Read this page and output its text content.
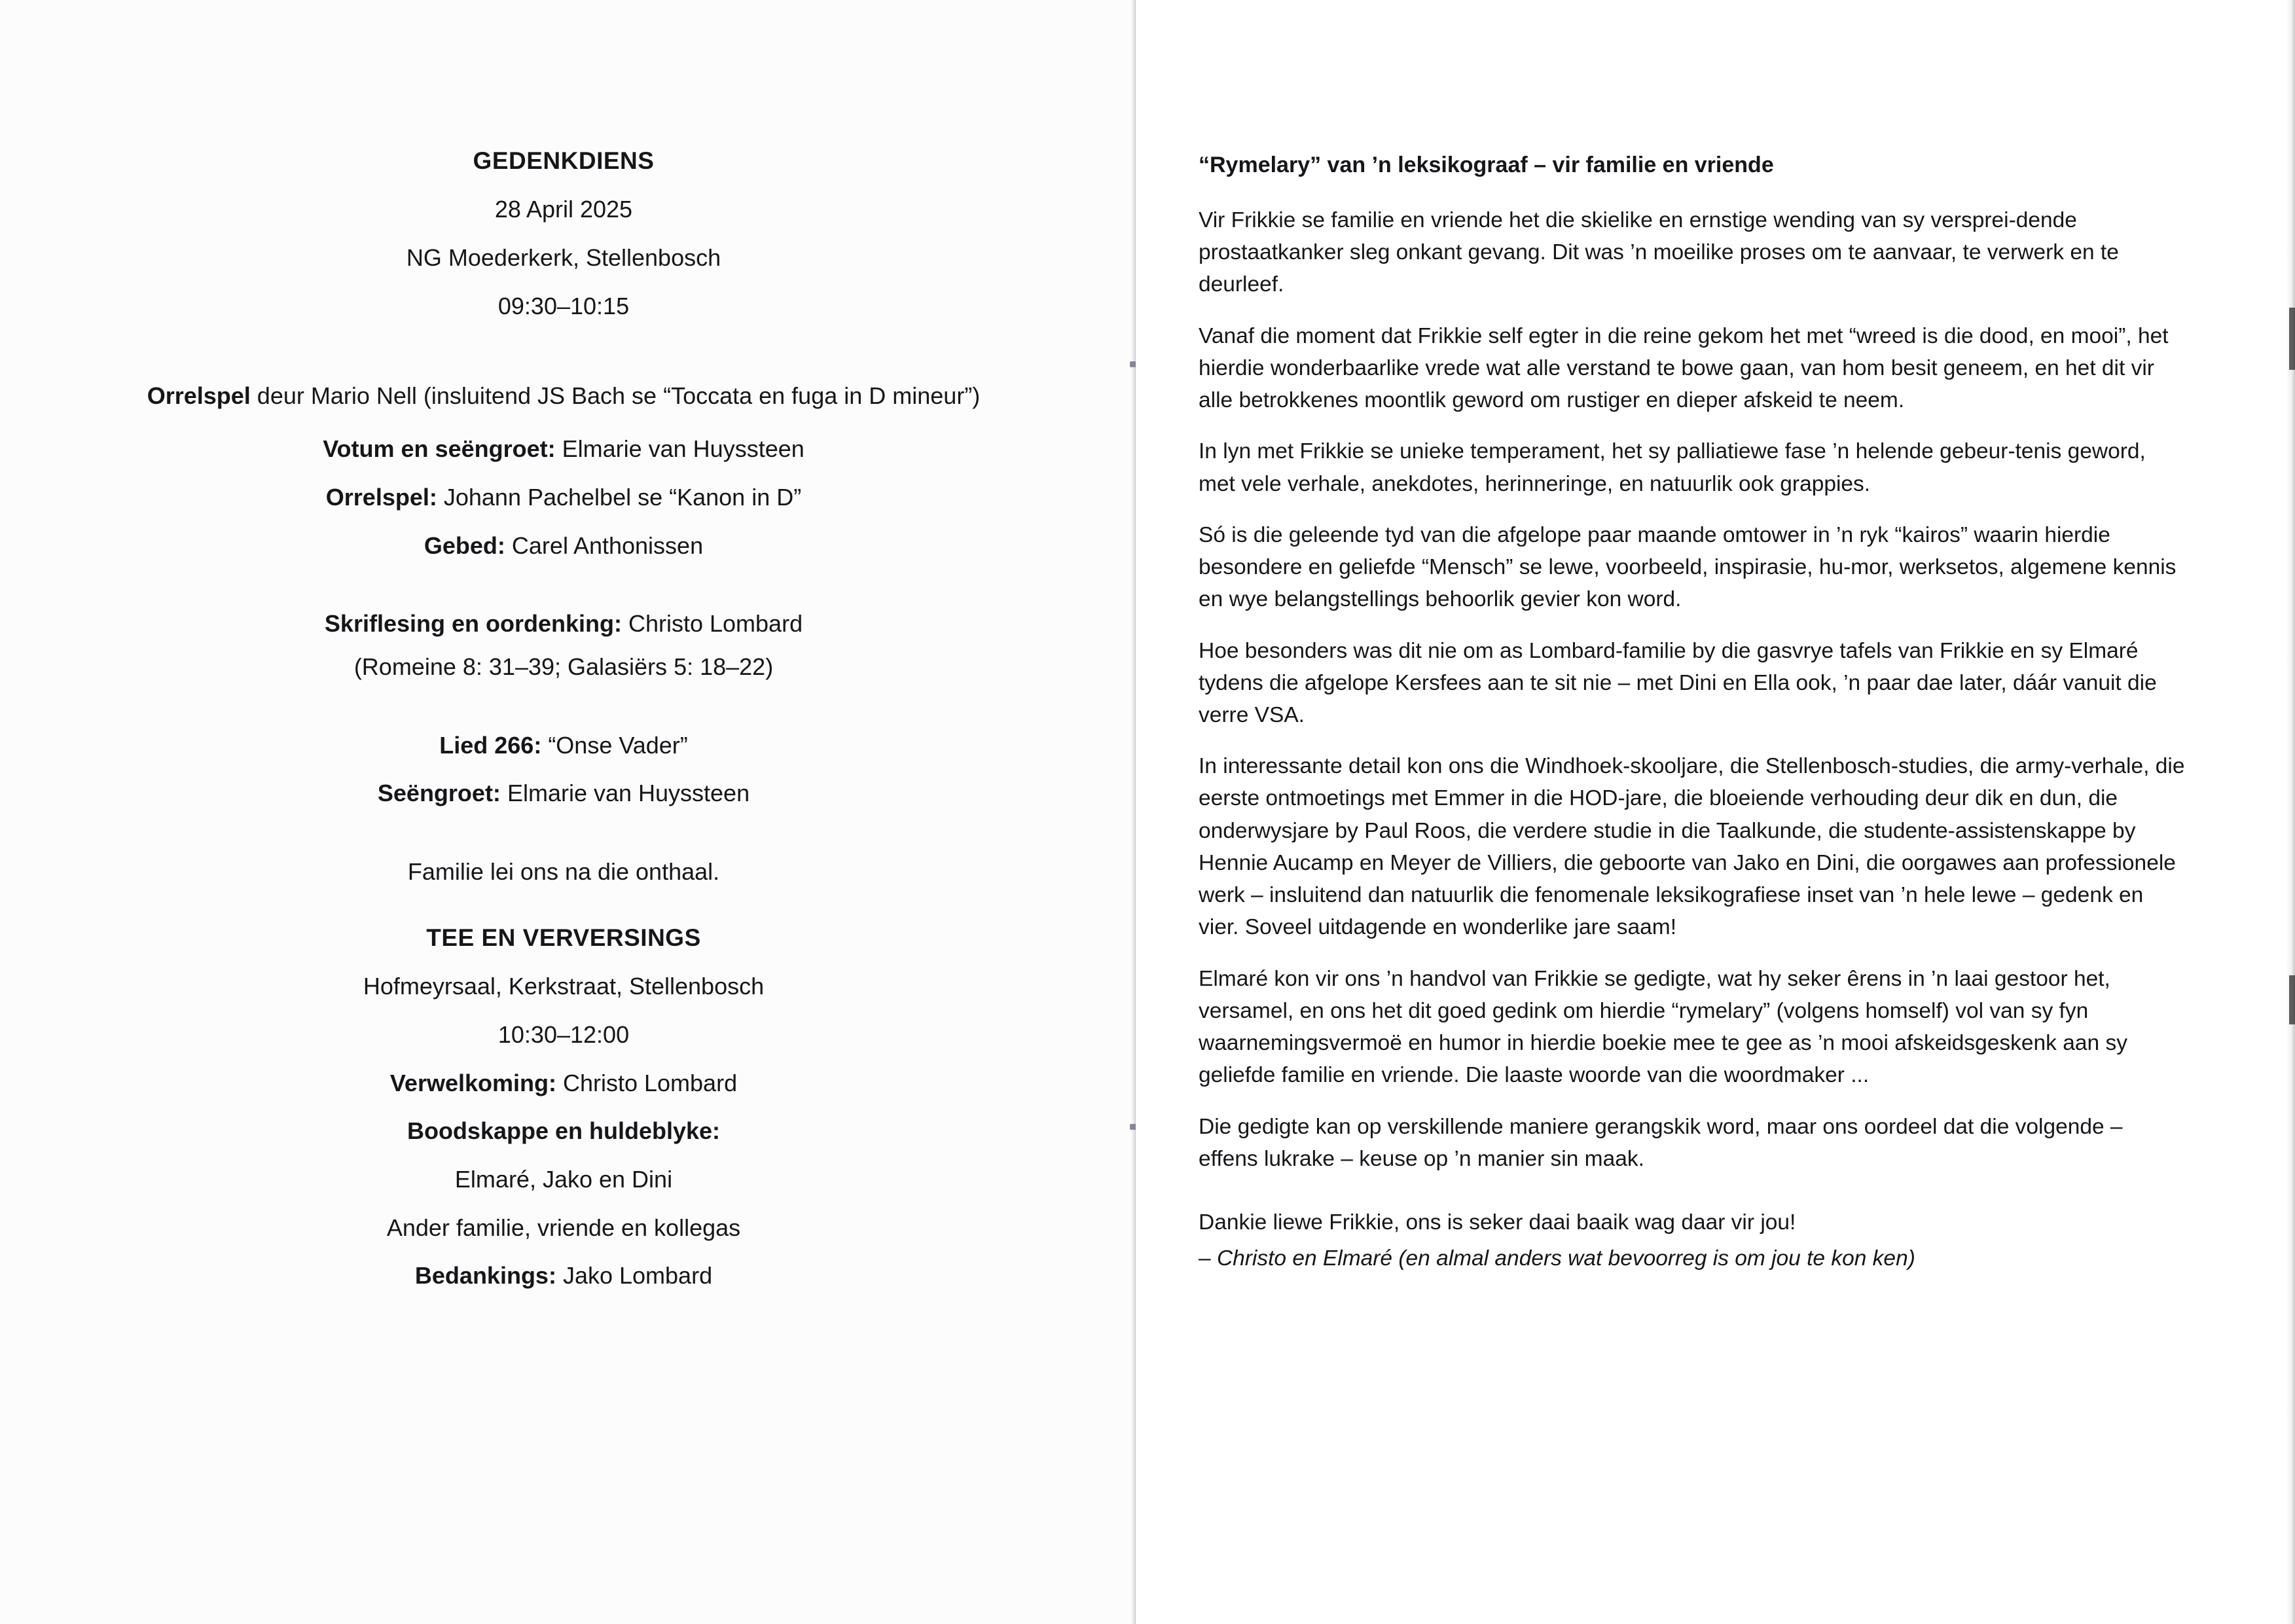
GEDENKDIENS
28 April 2025
NG Moederkerk, Stellenbosch
09:30–10:15
Orrelspel deur Mario Nell (insluitend JS Bach se “Toccata en fuga in D mineur”)
Votum en seëngroet: Elmarie van Huyssteen
Orrelspel: Johann Pachelbel se “Kanon in D”
Gebed: Carel Anthonissen
Skriflesing en oordenking: Christo Lombard
(Romeine 8: 31–39; Galasiërs 5: 18–22)
Lied 266: “Onse Vader”
Seëngroet: Elmarie van Huyssteen
Familie lei ons na die onthaal.
TEE EN VERVERSINGS
Hofmeyrsaal, Kerkstraat, Stellenbosch
10:30–12:00
Verwelkoming: Christo Lombard
Boodskappe en huldeblyke:
Elmaré, Jako en Dini
Ander familie, vriende en kollegas
Bedankings: Jako Lombard
“Rymelary” van ’n leksikograaf – vir familie en vriende

Vir Frikkie se familie en vriende het die skielike en ernstige wending van sy versprei-dende prostaatkanker sleg onkant gevang. Dit was ’n moeilike proses om te aanvaar, te verwerk en te deurleef.

Vanaf die moment dat Frikkie self egter in die reine gekom het met “wreed is die dood, en mooi”, het hierdie wonderbaarlike vrede wat alle verstand te bowe gaan, van hom besit geneem, en het dit vir alle betrokkenes moontlik geword om rustiger en dieper afskeid te neem.

In lyn met Frikkie se unieke temperament, het sy palliatiewe fase ’n helende gebeur-tenis geword, met vele verhale, anekdotes, herinneringe, en natuurlik ook grappies.

Só is die geleende tyd van die afgelope paar maande omtower in ’n ryk “kairos” waarin hierdie besondere en geliefde “Mensch” se lewe, voorbeeld, inspirasie, hu-mor, werksetos, algemene kennis en wye belangstellings behoorlik gevier kon word.

Hoe besonders was dit nie om as Lombard-familie by die gasvrye tafels van Frikkie en sy Elmaré tydens die afgelope Kersfees aan te sit nie – met Dini en Ella ook, ’n paar dae later, dáár vanuit die verre VSA.

In interessante detail kon ons die Windhoek-skooljare, die Stellenbosch-studies, die army-verhale, die eerste ontmoetings met Emmer in die HOD-jare, die bloeiende verhouding deur dik en dun, die onderwysjare by Paul Roos, die verdere studie in die Taalkunde, die studente-assistenskappe by Hennie Aucamp en Meyer de Villiers, die geboorte van Jako en Dini, die oorgawes aan professionele werk – insluitend dan natuurlik die fenomenale leksikografiese inset van ’n hele lewe – gedenk en vier. Soveel uitdagende en wonderlike jare saam!

Elmaré kon vir ons ’n handvol van Frikkie se gedigte, wat hy seker êrens in ’n laai gestoor het, versamel, en ons het dit goed gedink om hierdie “rymelary” (volgens homself) vol van sy fyn waarnemingsvermoë en humor in hierdie boekie mee te gee as ’n mooi afskeidsgeskenk aan sy geliefde familie en vriende. Die laaste woorde van die woordmaker ...

Die gedigte kan op verskillende maniere gerangskik word, maar ons oordeel dat die volgende – effens lukrake – keuse op ’n manier sin maak.

Dankie liewe Frikkie, ons is seker daai baaik wag daar vir jou!

– Christo en Elmaré (en almal anders wat bevoorreg is om jou te kon ken)
